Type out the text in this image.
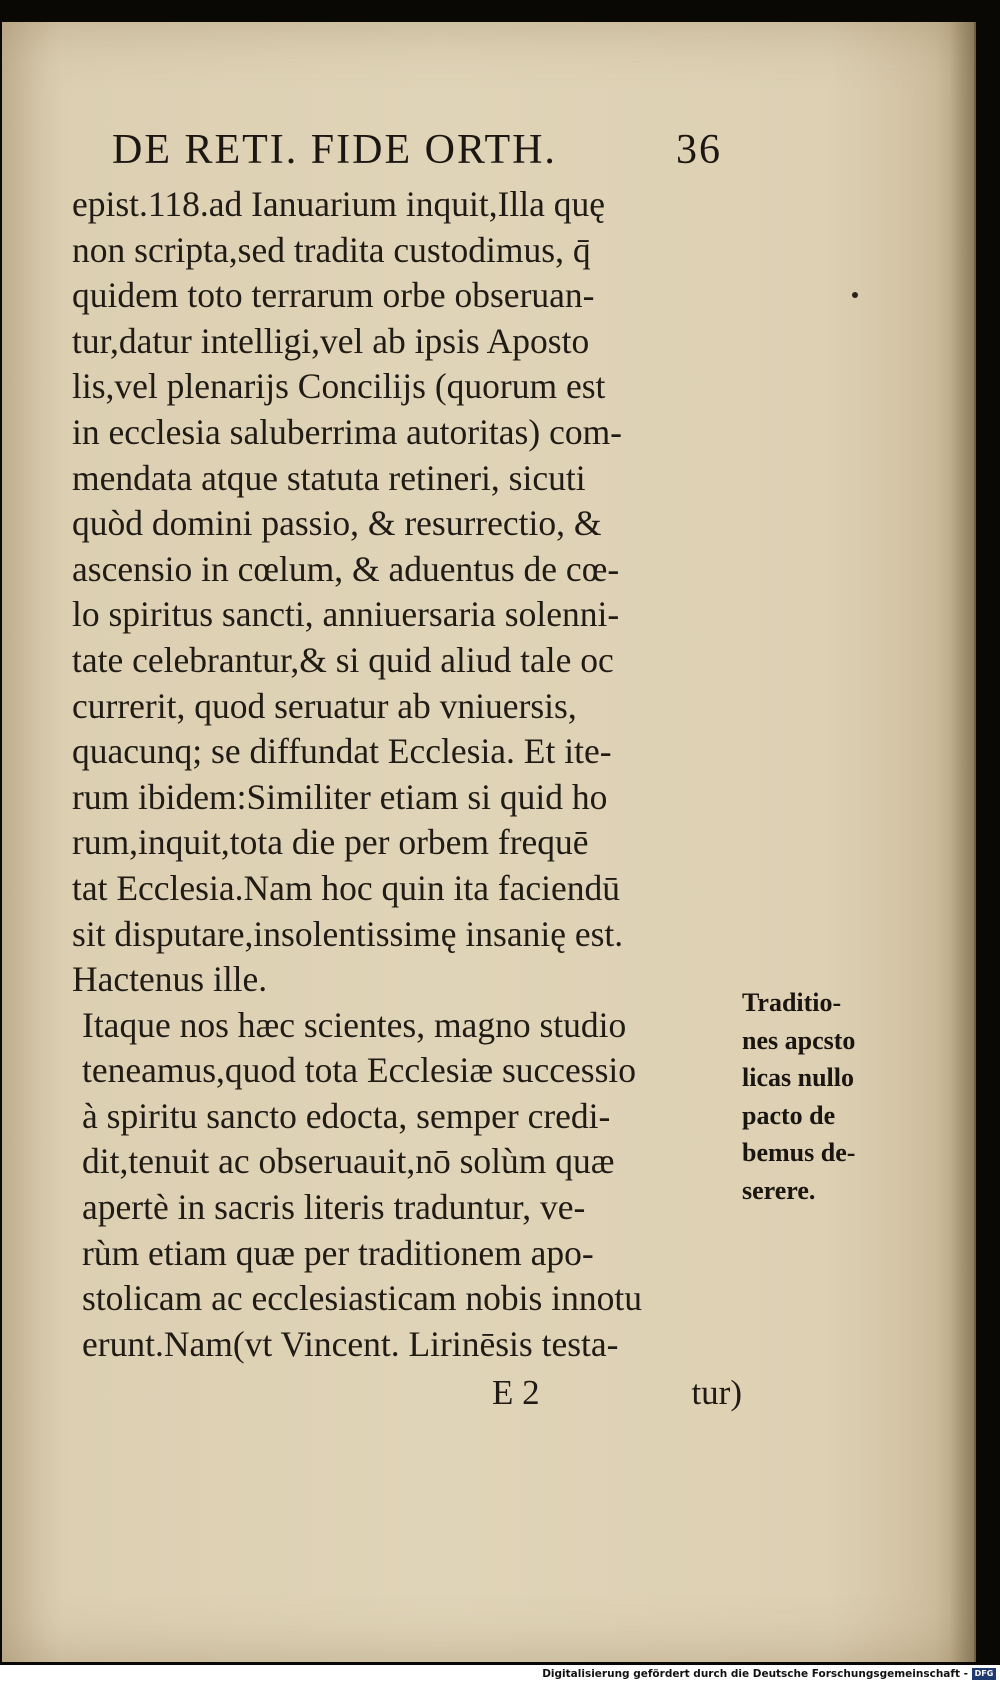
DE RETI. FIDE ORTH.	36
epist.118.ad Ianuarium inquit,Illa quę
non scripta,sed tradita custodimus, q̄
quidem toto terrarum orbe obseruan-
tur,datur intelligi,vel ab ipsis Aposto
lis,vel plenarijs Concilijs (quorum est
in ecclesia saluberrima autoritas) com-
mendata atque statuta retineri, sicuti
quòd domini passio, & resurrectio, &
ascensio in cœlum, & aduentus de cœ-
lo spiritus sancti, anniuersaria solenni-
tate celebrantur,& si quid aliud tale oc
currerit, quod seruatur ab vniuersis,
quacunq; se diffundat Ecclesia. Et ite-
rum ibidem:Similiter etiam si quid ho
rum,inquit,tota die per orbem frequē
tat Ecclesia.Nam hoc quin ita faciendū
sit disputare,insolentissimę insanię est.
Hactenus ille.
Itaque nos hæc scientes, magno studio
teneamus,quod tota Ecclesiæ successio
à spiritu sancto edocta, semper credi-
dit,tenuit ac obseruauit,nō solùm quæ
apertè in sacris literis traduntur, ve-
rùm etiam quæ per traditionem apo-
stolicam ac ecclesiasticam nobis innotu
erunt.Nam(vt Vincent. Lirinēsis testa-
Traditio-
nes apcsto
licas nullo
pacto de
bemus de-
serere.
E 2	tur)
Digitalisierung gefördert durch die Deutsche Forschungsgemeinschaft - DFG
